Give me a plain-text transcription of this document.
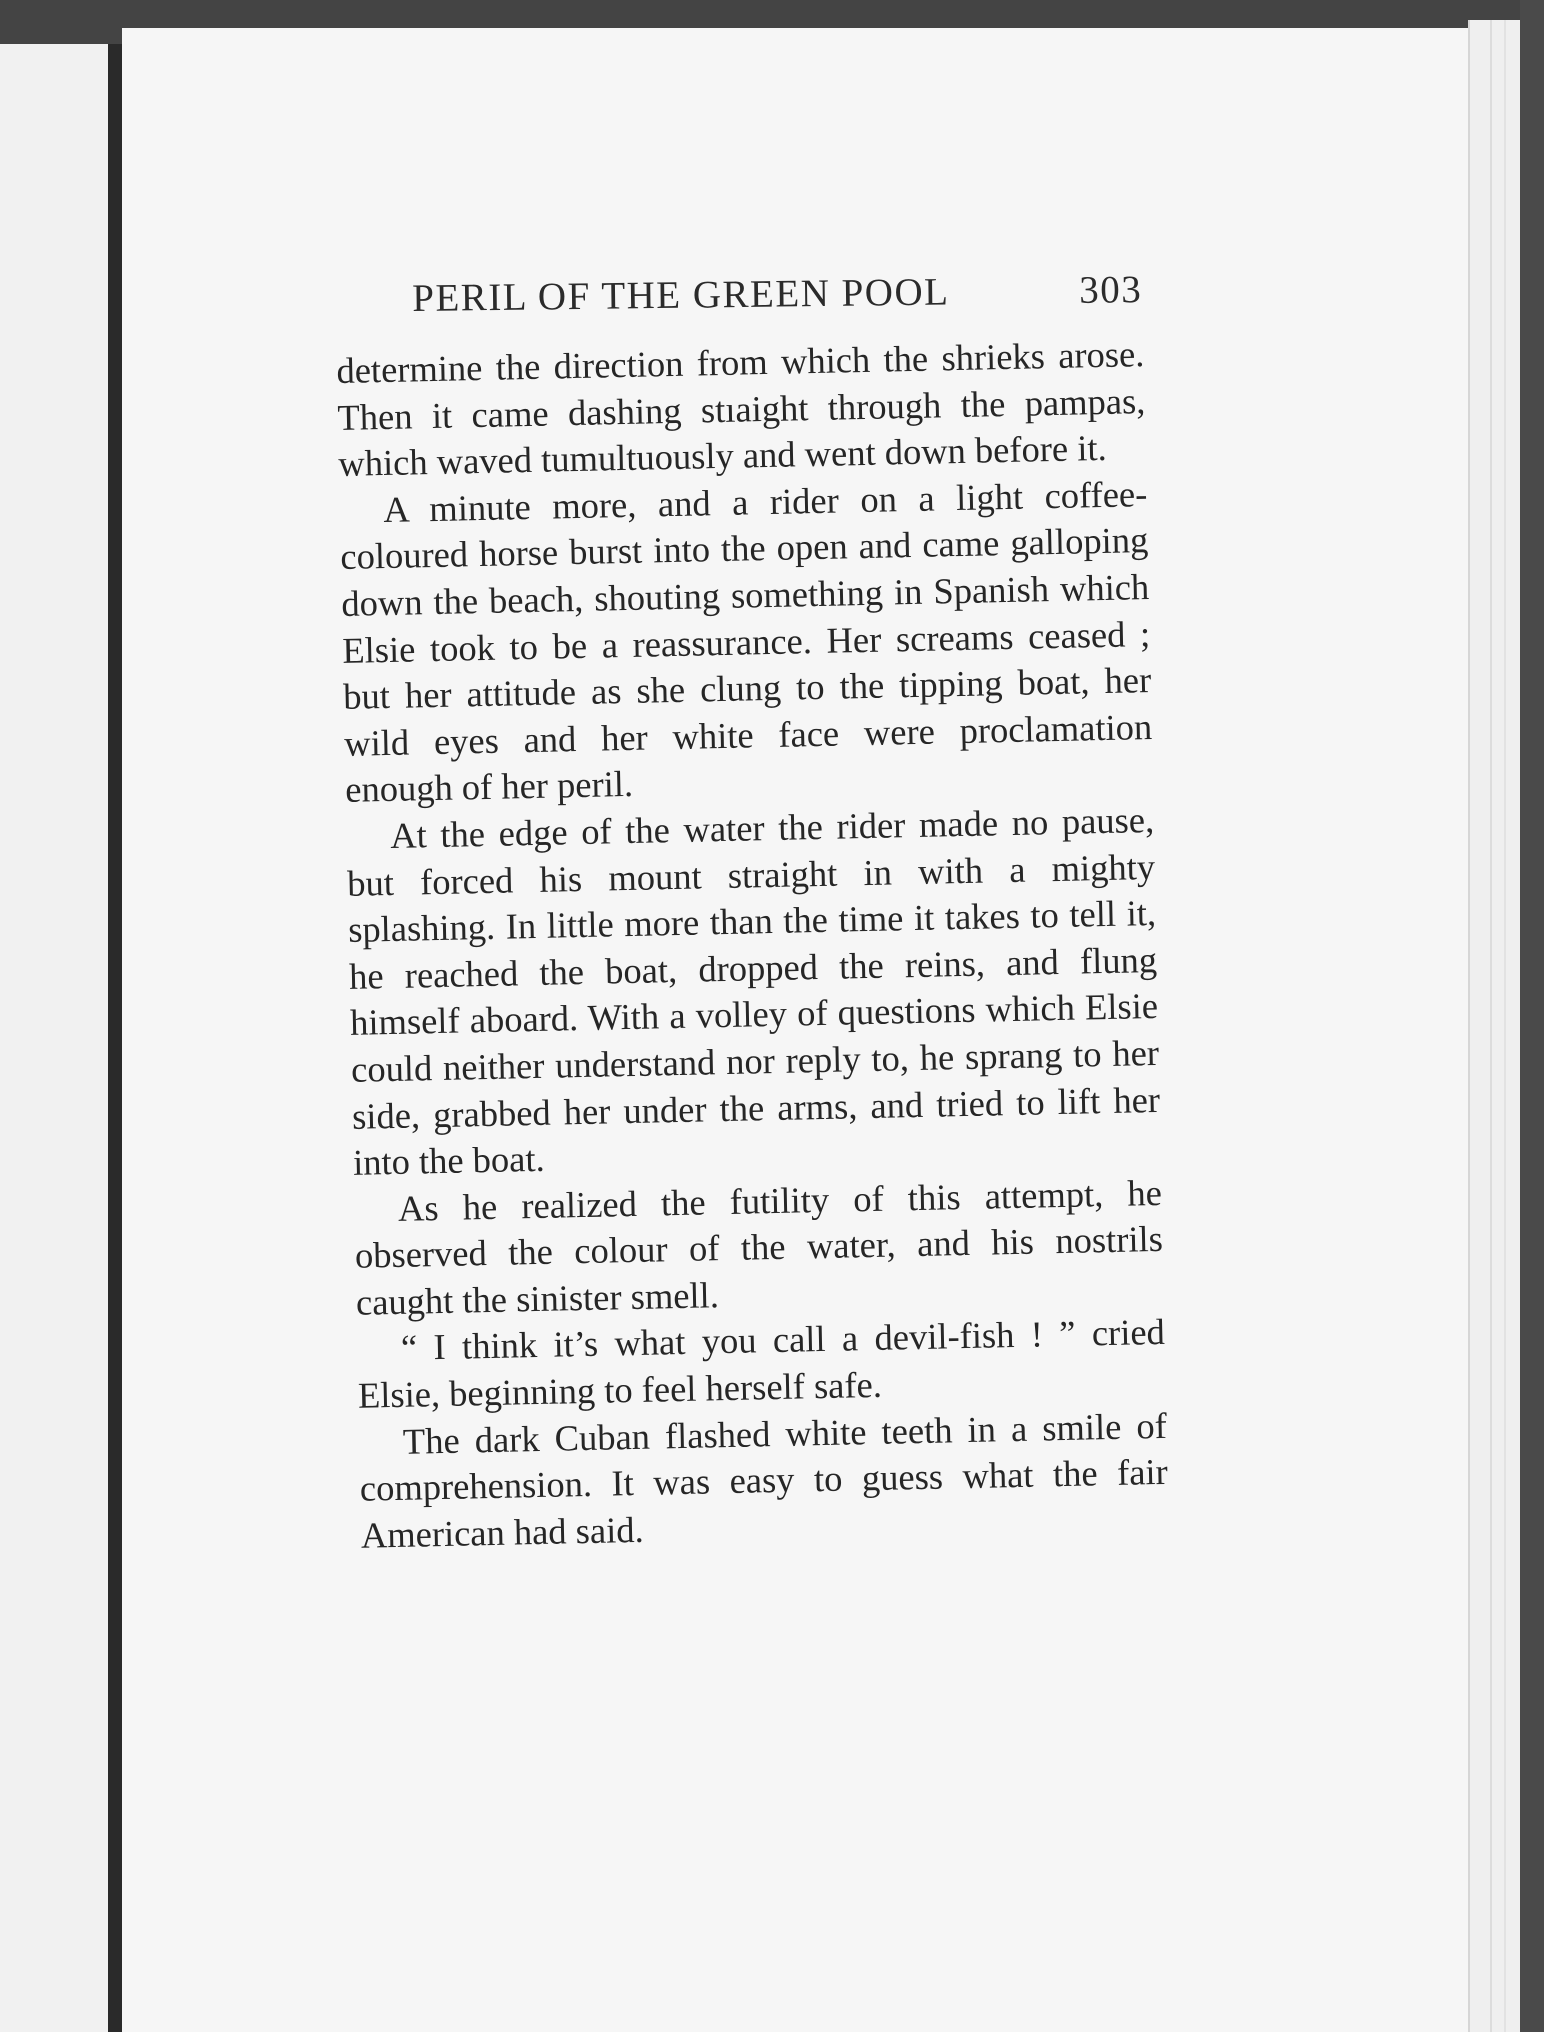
PERIL OF THE GREEN POOL	303

determine the direction from which the shrieks arose. Then it came dashing stıaight through the pampas, which waved tumultuously and went down before it.

A minute more, and a rider on a light coffee-coloured horse burst into the open and came galloping down the beach, shouting something in Spanish which Elsie took to be a reassurance. Her screams ceased ; but her attitude as she clung to the tipping boat, her wild eyes and her white face were proclamation enough of her peril.

At the edge of the water the rider made no pause, but forced his mount straight in with a mighty splashing. In little more than the time it takes to tell it, he reached the boat, dropped the reins, and flung himself aboard. With a volley of questions which Elsie could neither understand nor reply to, he sprang to her side, grabbed her under the arms, and tried to lift her into the boat.

As he realized the futility of this attempt, he observed the colour of the water, and his nostrils caught the sinister smell.

“ I think it’s what you call a devil-fish ! ” cried Elsie, beginning to feel herself safe.

The dark Cuban flashed white teeth in a smile of comprehension. It was easy to guess what the fair American had said.
